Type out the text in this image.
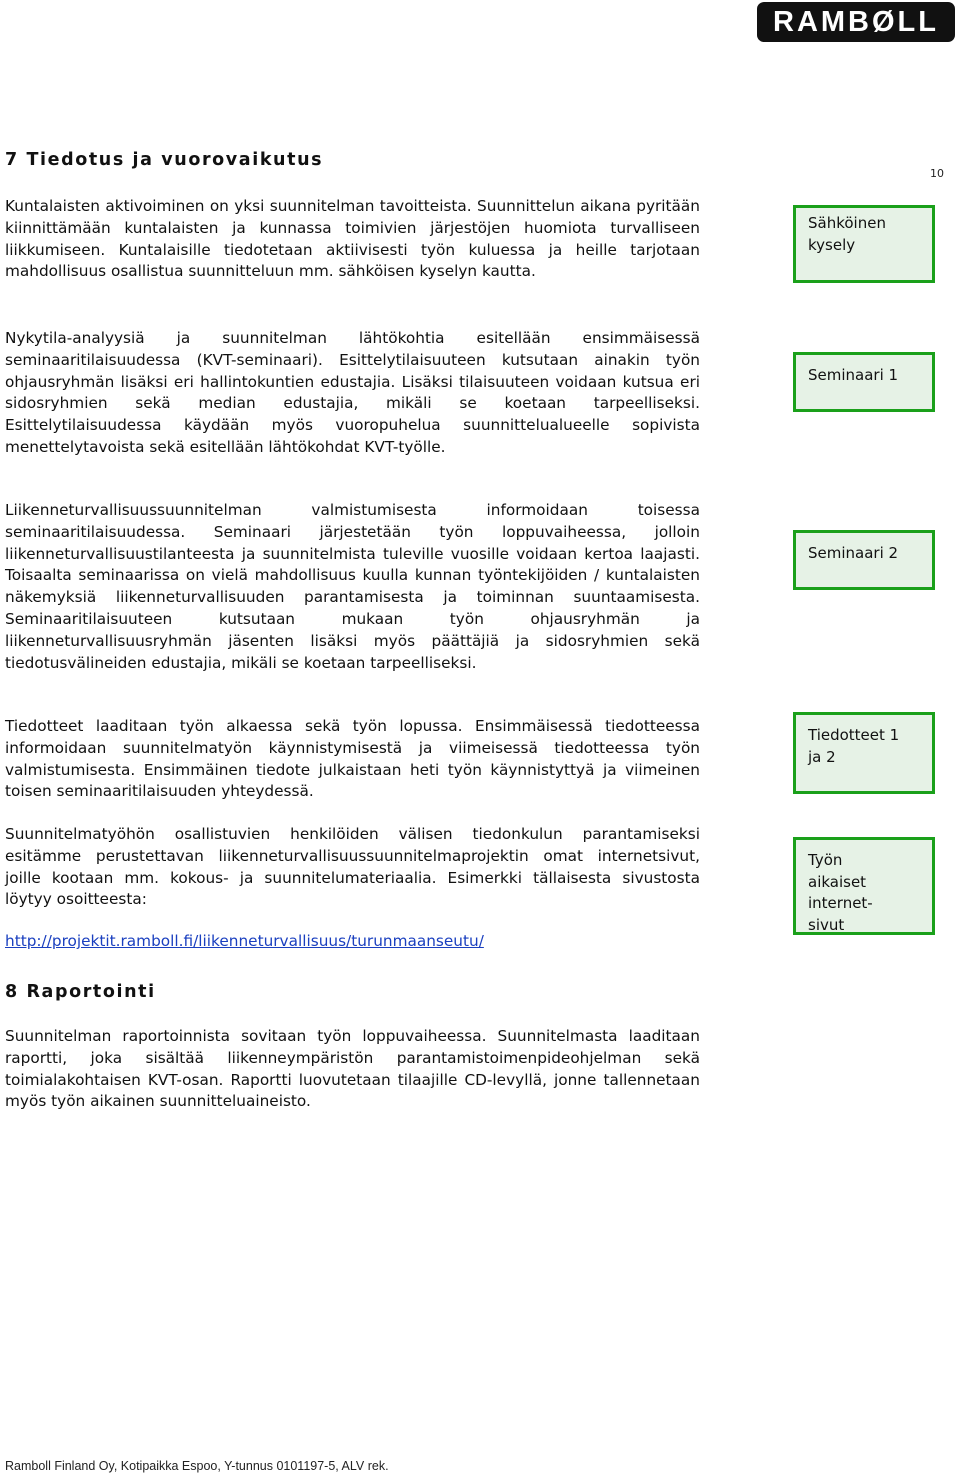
RAMBØLL
10
7 Tiedotus ja vuorovaikutus

Kuntalaisten aktivoiminen on yksi suunnitelman tavoitteista. Suunnittelun aikana pyritään kiinnittämään kuntalaisten ja kunnassa toimivien järjestöjen huomiota turvalliseen liikkumiseen. Kuntalaisille tiedotetaan aktiivisesti työn kuluessa ja heille tarjotaan mahdollisuus osallistua suunnitteluun mm. sähköisen kyselyn kautta.

Nykytila-analyysiä ja suunnitelman lähtökohtia esitellään ensimmäisessä seminaaritilaisuudessa (KVT-seminaari). Esittelytilaisuuteen kutsutaan ainakin työn ohjausryhmän lisäksi eri hallintokuntien edustajia. Lisäksi tilaisuuteen voidaan kutsua eri sidosryhmien sekä median edustajia, mikäli se koetaan tarpeelliseksi. Esittelytilaisuudessa käydään myös vuoropuhelua suunnittelualueelle sopivista menettelytavoista sekä esitellään lähtökohdat KVT-työlle.

Liikenneturvallisuussuunnitelman valmistumisesta informoidaan toisessa seminaaritilaisuudessa. Seminaari järjestetään työn loppuvaiheessa, jolloin liikenneturvallisuustilanteesta ja suunnitelmista tuleville vuosille voidaan kertoa laajasti. Toisaalta seminaarissa on vielä mahdollisuus kuulla kunnan työntekijöiden / kuntalaisten näkemyksiä liikenneturvallisuuden parantamisesta ja toiminnan suuntaamisesta. Seminaaritilaisuuteen kutsutaan mukaan työn ohjausryhmän ja liikenneturvallisuusryhmän jäsenten lisäksi myös päättäjiä ja sidosryhmien sekä tiedotusvälineiden edustajia, mikäli se koetaan tarpeelliseksi.

Tiedotteet laaditaan työn alkaessa sekä työn lopussa. Ensimmäisessä tiedotteessa informoidaan suunnitelmatyön käynnistymisestä ja viimeisessä tiedotteessa työn valmistumisesta. Ensimmäinen tiedote julkaistaan heti työn käynnistyttyä ja viimeinen toisen seminaaritilaisuuden yhteydessä.

Suunnitelmatyöhön osallistuvien henkilöiden välisen tiedonkulun parantamiseksi esitämme perustettavan liikenneturvallisuussuunnitelmaprojektin omat internetsivut, joille kootaan mm. kokous- ja suunnitelumateriaalia. Esimerkki tällaisesta sivustosta löytyy osoitteesta:

http://projektit.ramboll.fi/liikenneturvallisuus/turunmaanseutu/

8 Raportointi

Suunnitelman raportoinnista sovitaan työn loppuvaiheessa. Suunnitelmasta laaditaan raportti, joka sisältää liikenneympäristön parantamistoimenpideohjelman sekä toimialakohtaisen KVT-osan. Raportti luovutetaan tilaajille CD-levyllä, jonne tallennetaan myös työn aikainen suunnitteluaineisto.

Sähköinen kysely
Seminaari 1
Seminaari 2
Tiedotteet 1 ja 2
Työn aikaiset internet-sivut
Ramboll Finland Oy, Kotipaikka Espoo, Y-tunnus 0101197-5, ALV rek.
